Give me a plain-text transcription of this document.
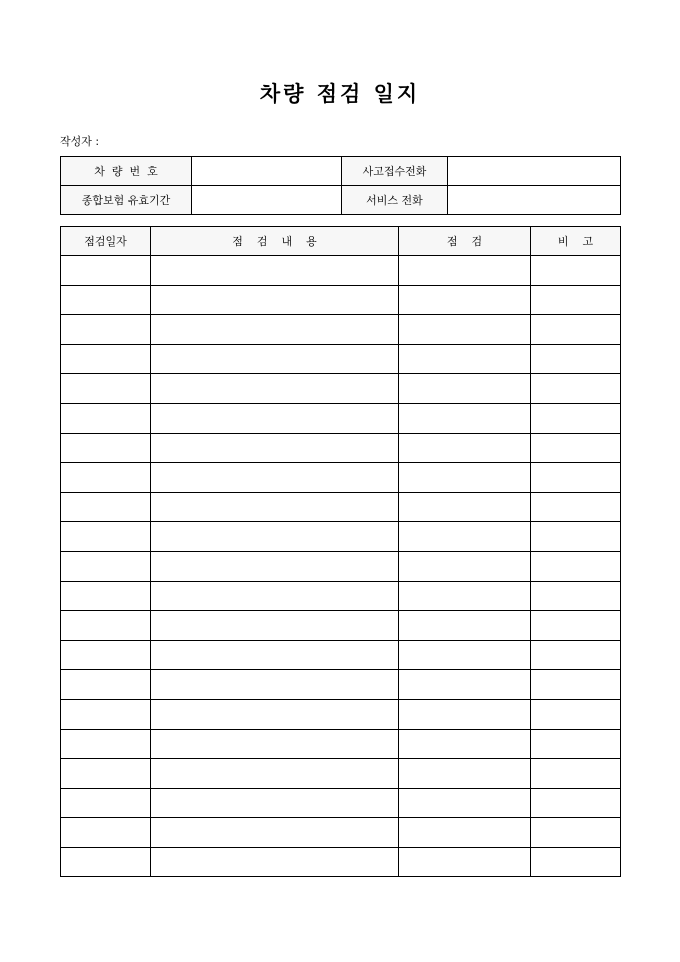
차량 점검 일지
작성자 :
차  량  번  호		사고접수전화	
종합보험 유효기간		서비스 전화	
점검일자	점    검    내    용	점    검	비    고
